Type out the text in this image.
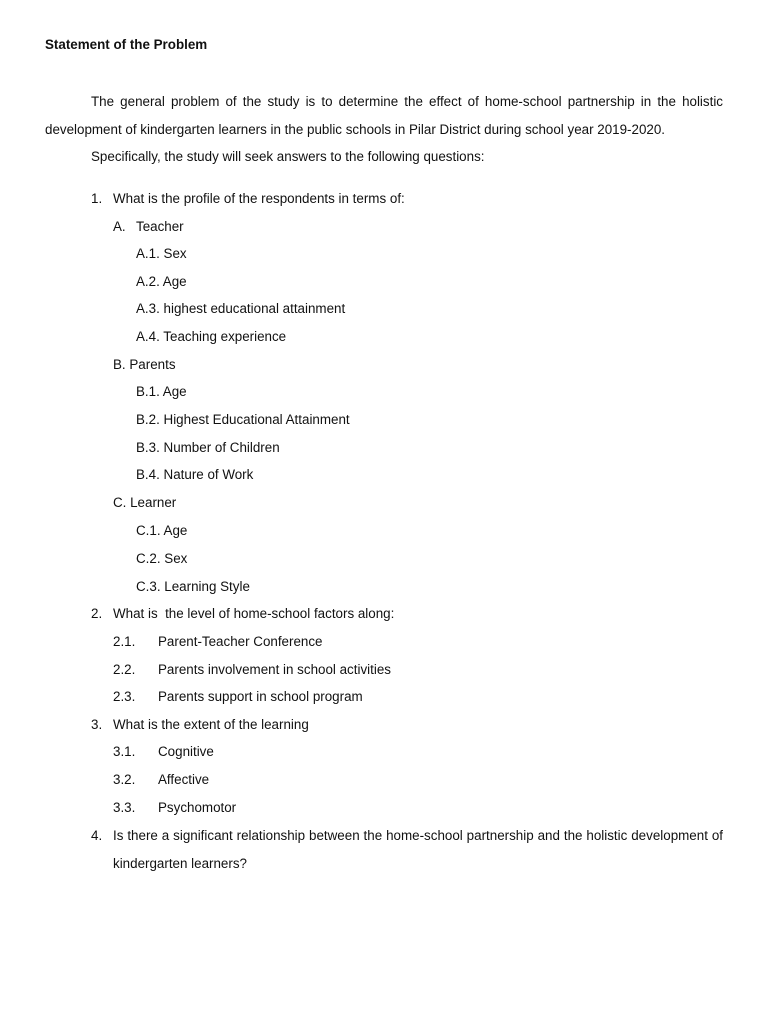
Statement of the Problem
The general problem of the study is to determine the effect of home-school partnership in the holistic development of kindergarten learners in the public schools in Pilar District during school year 2019-2020.
Specifically, the study will seek answers to the following questions:
1. What is the profile of the respondents in terms of:
A. Teacher
A.1. Sex
A.2. Age
A.3. highest educational attainment
A.4. Teaching experience
B. Parents
B.1. Age
B.2. Highest Educational Attainment
B.3. Number of Children
B.4. Nature of Work
C. Learner
C.1. Age
C.2. Sex
C.3. Learning Style
2. What is  the level of home-school factors along:
2.1. Parent-Teacher Conference
2.2. Parents involvement in school activities
2.3. Parents support in school program
3. What is the extent of the learning
3.1. Cognitive
3.2. Affective
3.3. Psychomotor
4. Is there a significant relationship between the home-school partnership and the holistic development of kindergarten learners?
